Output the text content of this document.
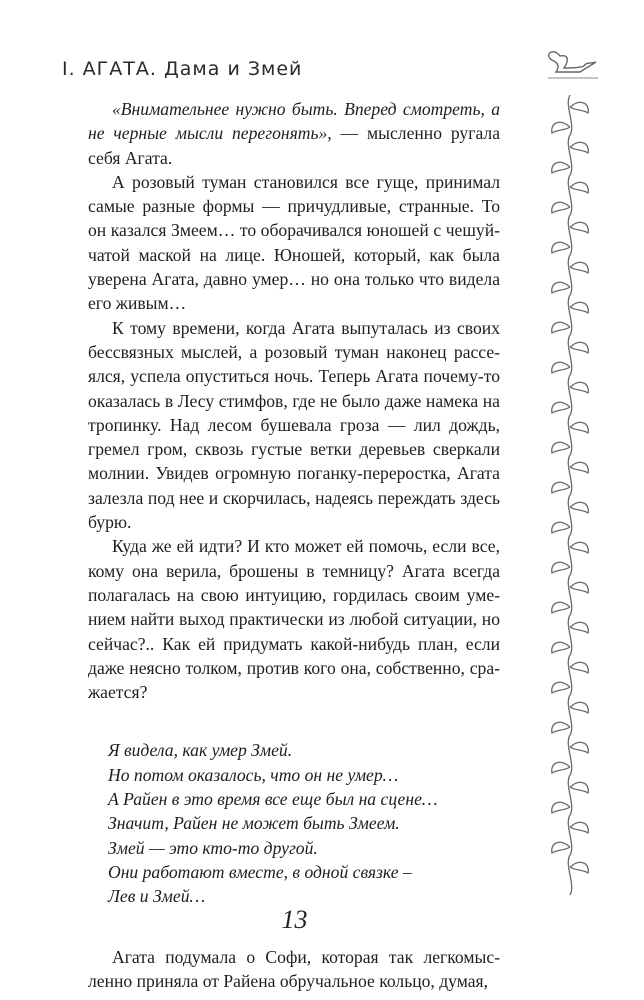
I. АГАТА. Дама и Змей

«Внимательнее нужно быть. Вперед смотреть, а не черные мысли перегонять», — мысленно ругала себя Агата.

А розовый туман становился все гуще, принимал самые разные формы — причудливые, странные. То он казался Змеем… то оборачивался юношей с чешуйчатой маской на лице. Юношей, который, как была уверена Агата, давно умер… но она только что видела его живым…

К тому времени, когда Агата выпуталась из своих бессвязных мыслей, а розовый туман наконец рассеялся, успела опуститься ночь. Теперь Агата почему-то оказалась в Лесу стимфов, где не было даже намека на тропинку. Над лесом бушевала гроза — лил дождь, гремел гром, сквозь густые ветки деревьев сверкали молнии. Увидев огромную поганку-переростка, Агата залезла под нее и скорчилась, надеясь переждать здесь бурю.

Куда же ей идти? И кто может ей помочь, если все, кому она верила, брошены в темницу? Агата всегда полагалась на свою интуицию, гордилась своим умением найти выход практически из любой ситуации, но сейчас?.. Как ей придумать какой-нибудь план, если даже неясно толком, против кого она, собственно, сражается?

Я видела, как умер Змей.
Но потом оказалось, что он не умер…
А Райен в это время все еще был на сцене…
Значит, Райен не может быть Змеем.
Змей — это кто-то другой.
Они работают вместе, в одной связке –
Лев и Змей…

Агата подумала о Софи, которая так легкомысленно приняла от Райена обручальное кольцо, думая,

13
